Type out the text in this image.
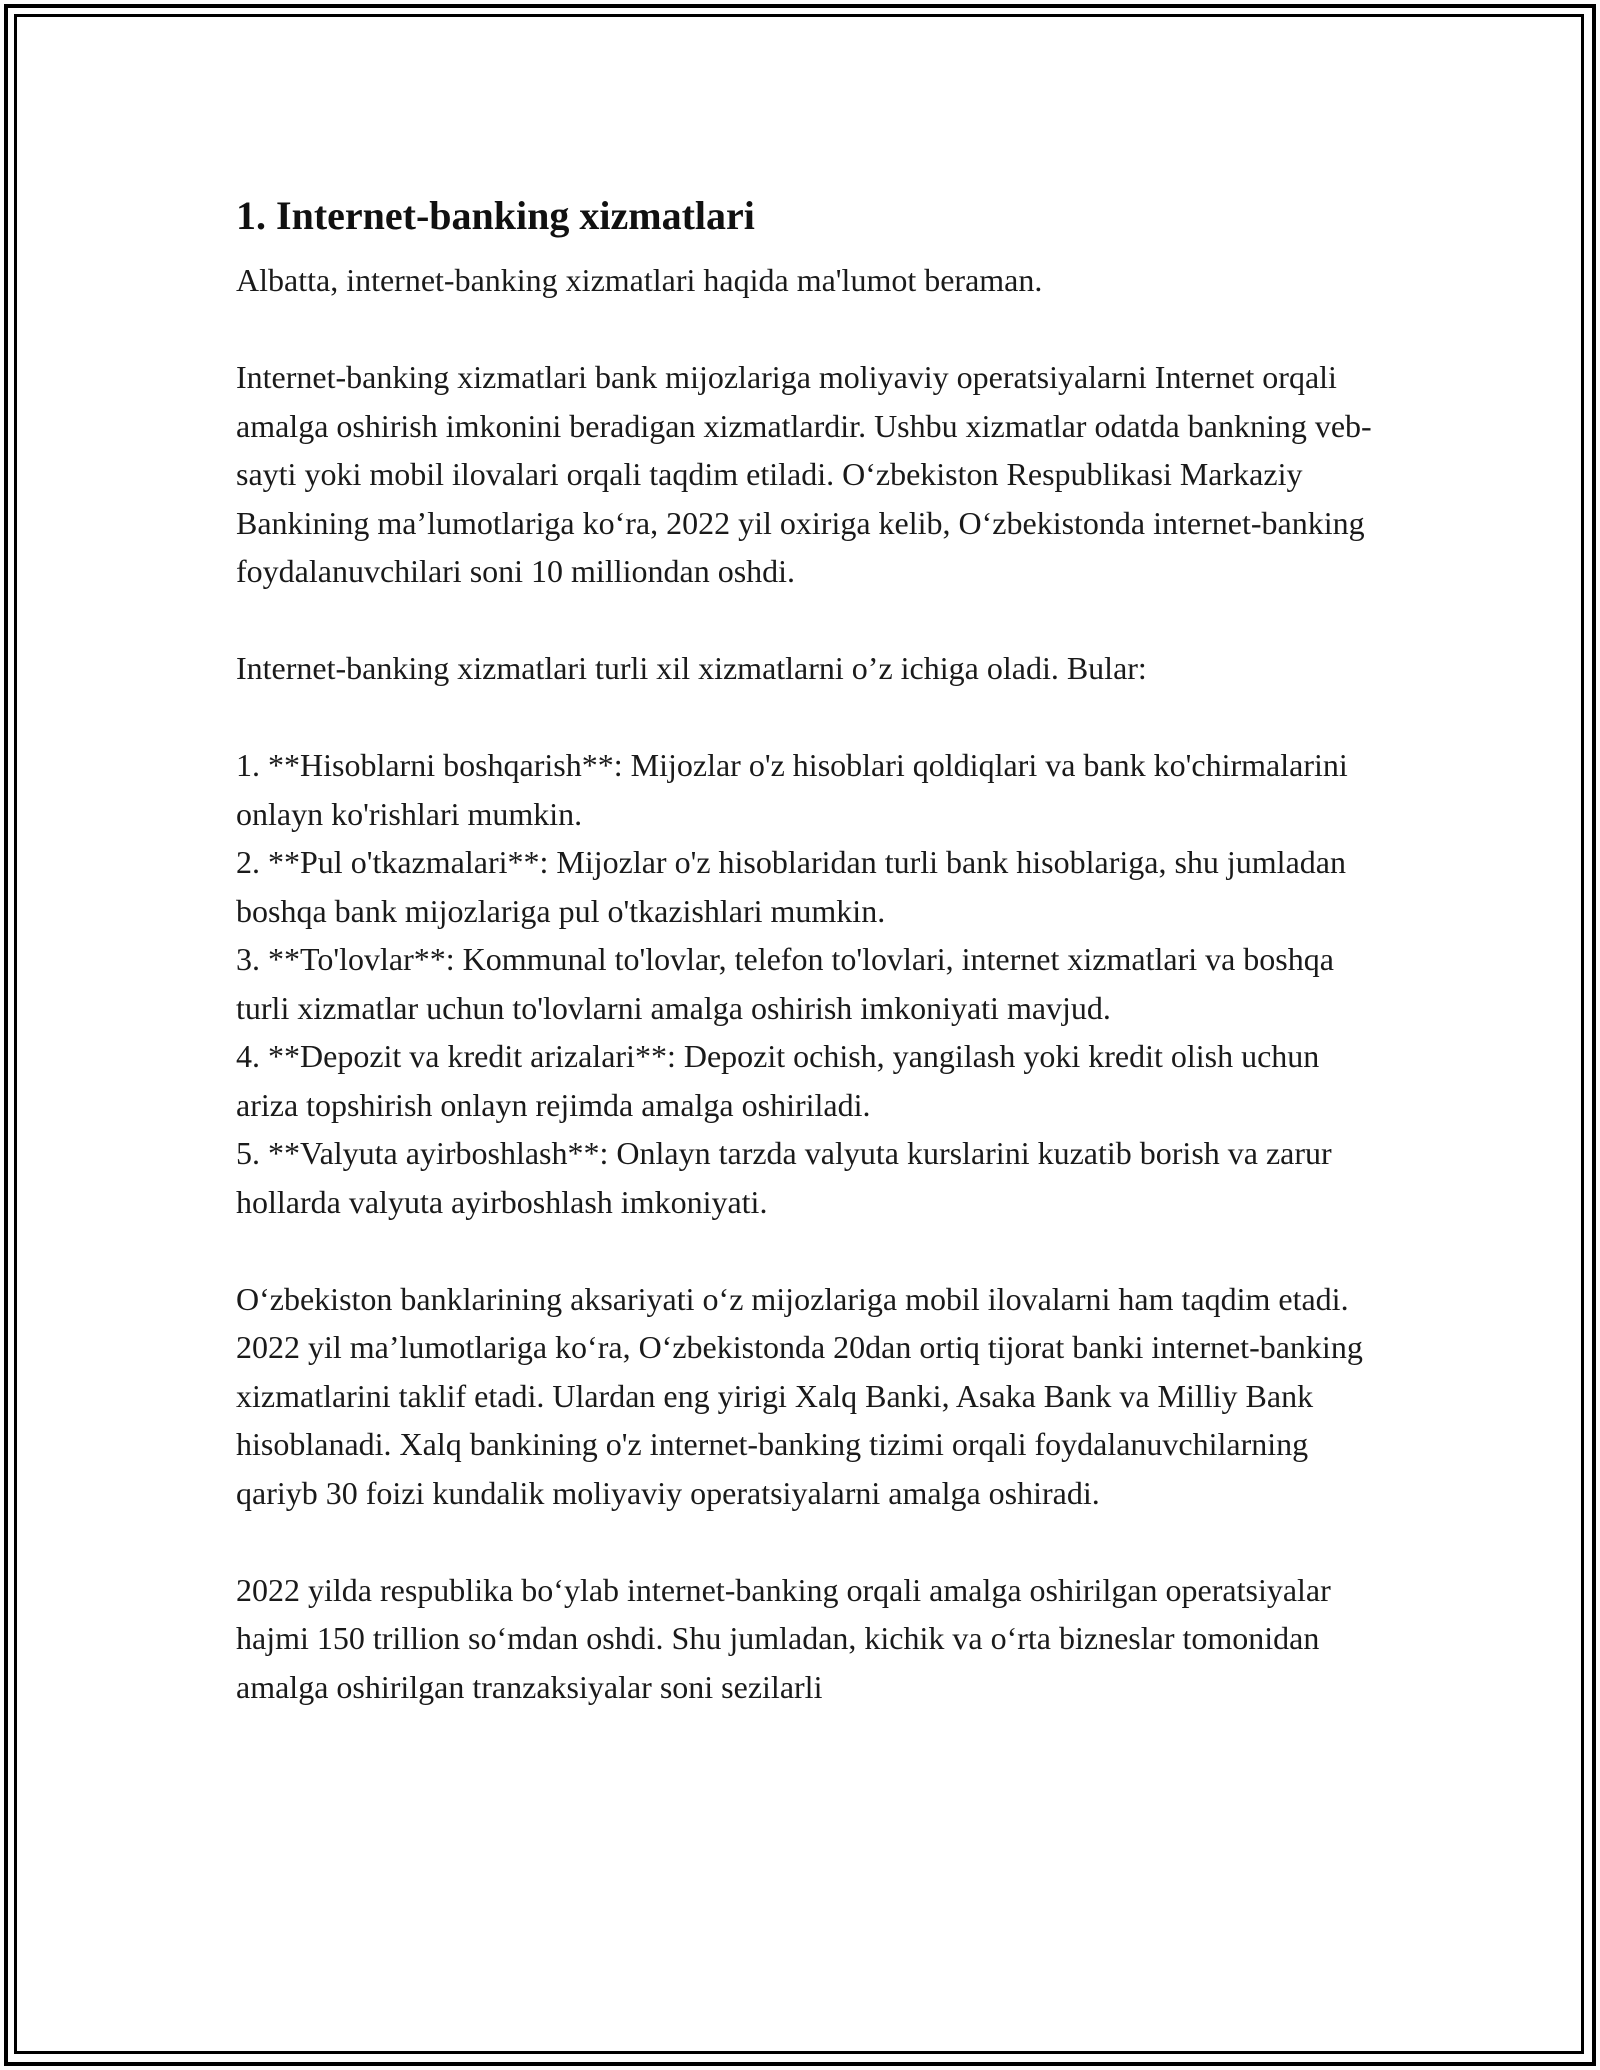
1. Internet-banking xizmatlari

Albatta, internet-banking xizmatlari haqida ma'lumot beraman.

Internet-banking xizmatlari bank mijozlariga moliyaviy operatsiyalarni Internet orqali amalga oshirish imkonini beradigan xizmatlardir. Ushbu xizmatlar odatda bankning veb-sayti yoki mobil ilovalari orqali taqdim etiladi. O‘zbekiston Respublikasi Markaziy Bankining ma’lumotlariga ko‘ra, 2022 yil oxiriga kelib, O‘zbekistonda internet-banking foydalanuvchilari soni 10 milliondan oshdi.

Internet-banking xizmatlari turli xil xizmatlarni o’z ichiga oladi. Bular:

1. **Hisoblarni boshqarish**: Mijozlar o'z hisoblari qoldiqlari va bank ko'chirmalarini onlayn ko'rishlari mumkin.
2. **Pul o'tkazmalari**: Mijozlar o'z hisoblaridan turli bank hisoblariga, shu jumladan boshqa bank mijozlariga pul o'tkazishlari mumkin.
3. **To'lovlar**: Kommunal to'lovlar, telefon to'lovlari, internet xizmatlari va boshqa turli xizmatlar uchun to'lovlarni amalga oshirish imkoniyati mavjud.
4. **Depozit va kredit arizalari**: Depozit ochish, yangilash yoki kredit olish uchun ariza topshirish onlayn rejimda amalga oshiriladi.
5. **Valyuta ayirboshlash**: Onlayn tarzda valyuta kurslarini kuzatib borish va zarur hollarda valyuta ayirboshlash imkoniyati.

O‘zbekiston banklarining aksariyati o‘z mijozlariga mobil ilovalarni ham taqdim etadi. 2022 yil ma’lumotlariga ko‘ra, O‘zbekistonda 20dan ortiq tijorat banki internet-banking xizmatlarini taklif etadi. Ulardan eng yirigi Xalq Banki, Asaka Bank va Milliy Bank hisoblanadi. Xalq bankining o'z internet-banking tizimi orqali foydalanuvchilarning qariyb 30 foizi kundalik moliyaviy operatsiyalarni amalga oshiradi.

2022 yilda respublika bo‘ylab internet-banking orqali amalga oshirilgan operatsiyalar hajmi 150 trillion so‘mdan oshdi. Shu jumladan, kichik va o‘rta bizneslar tomonidan amalga oshirilgan tranzaksiyalar soni sezilarli
